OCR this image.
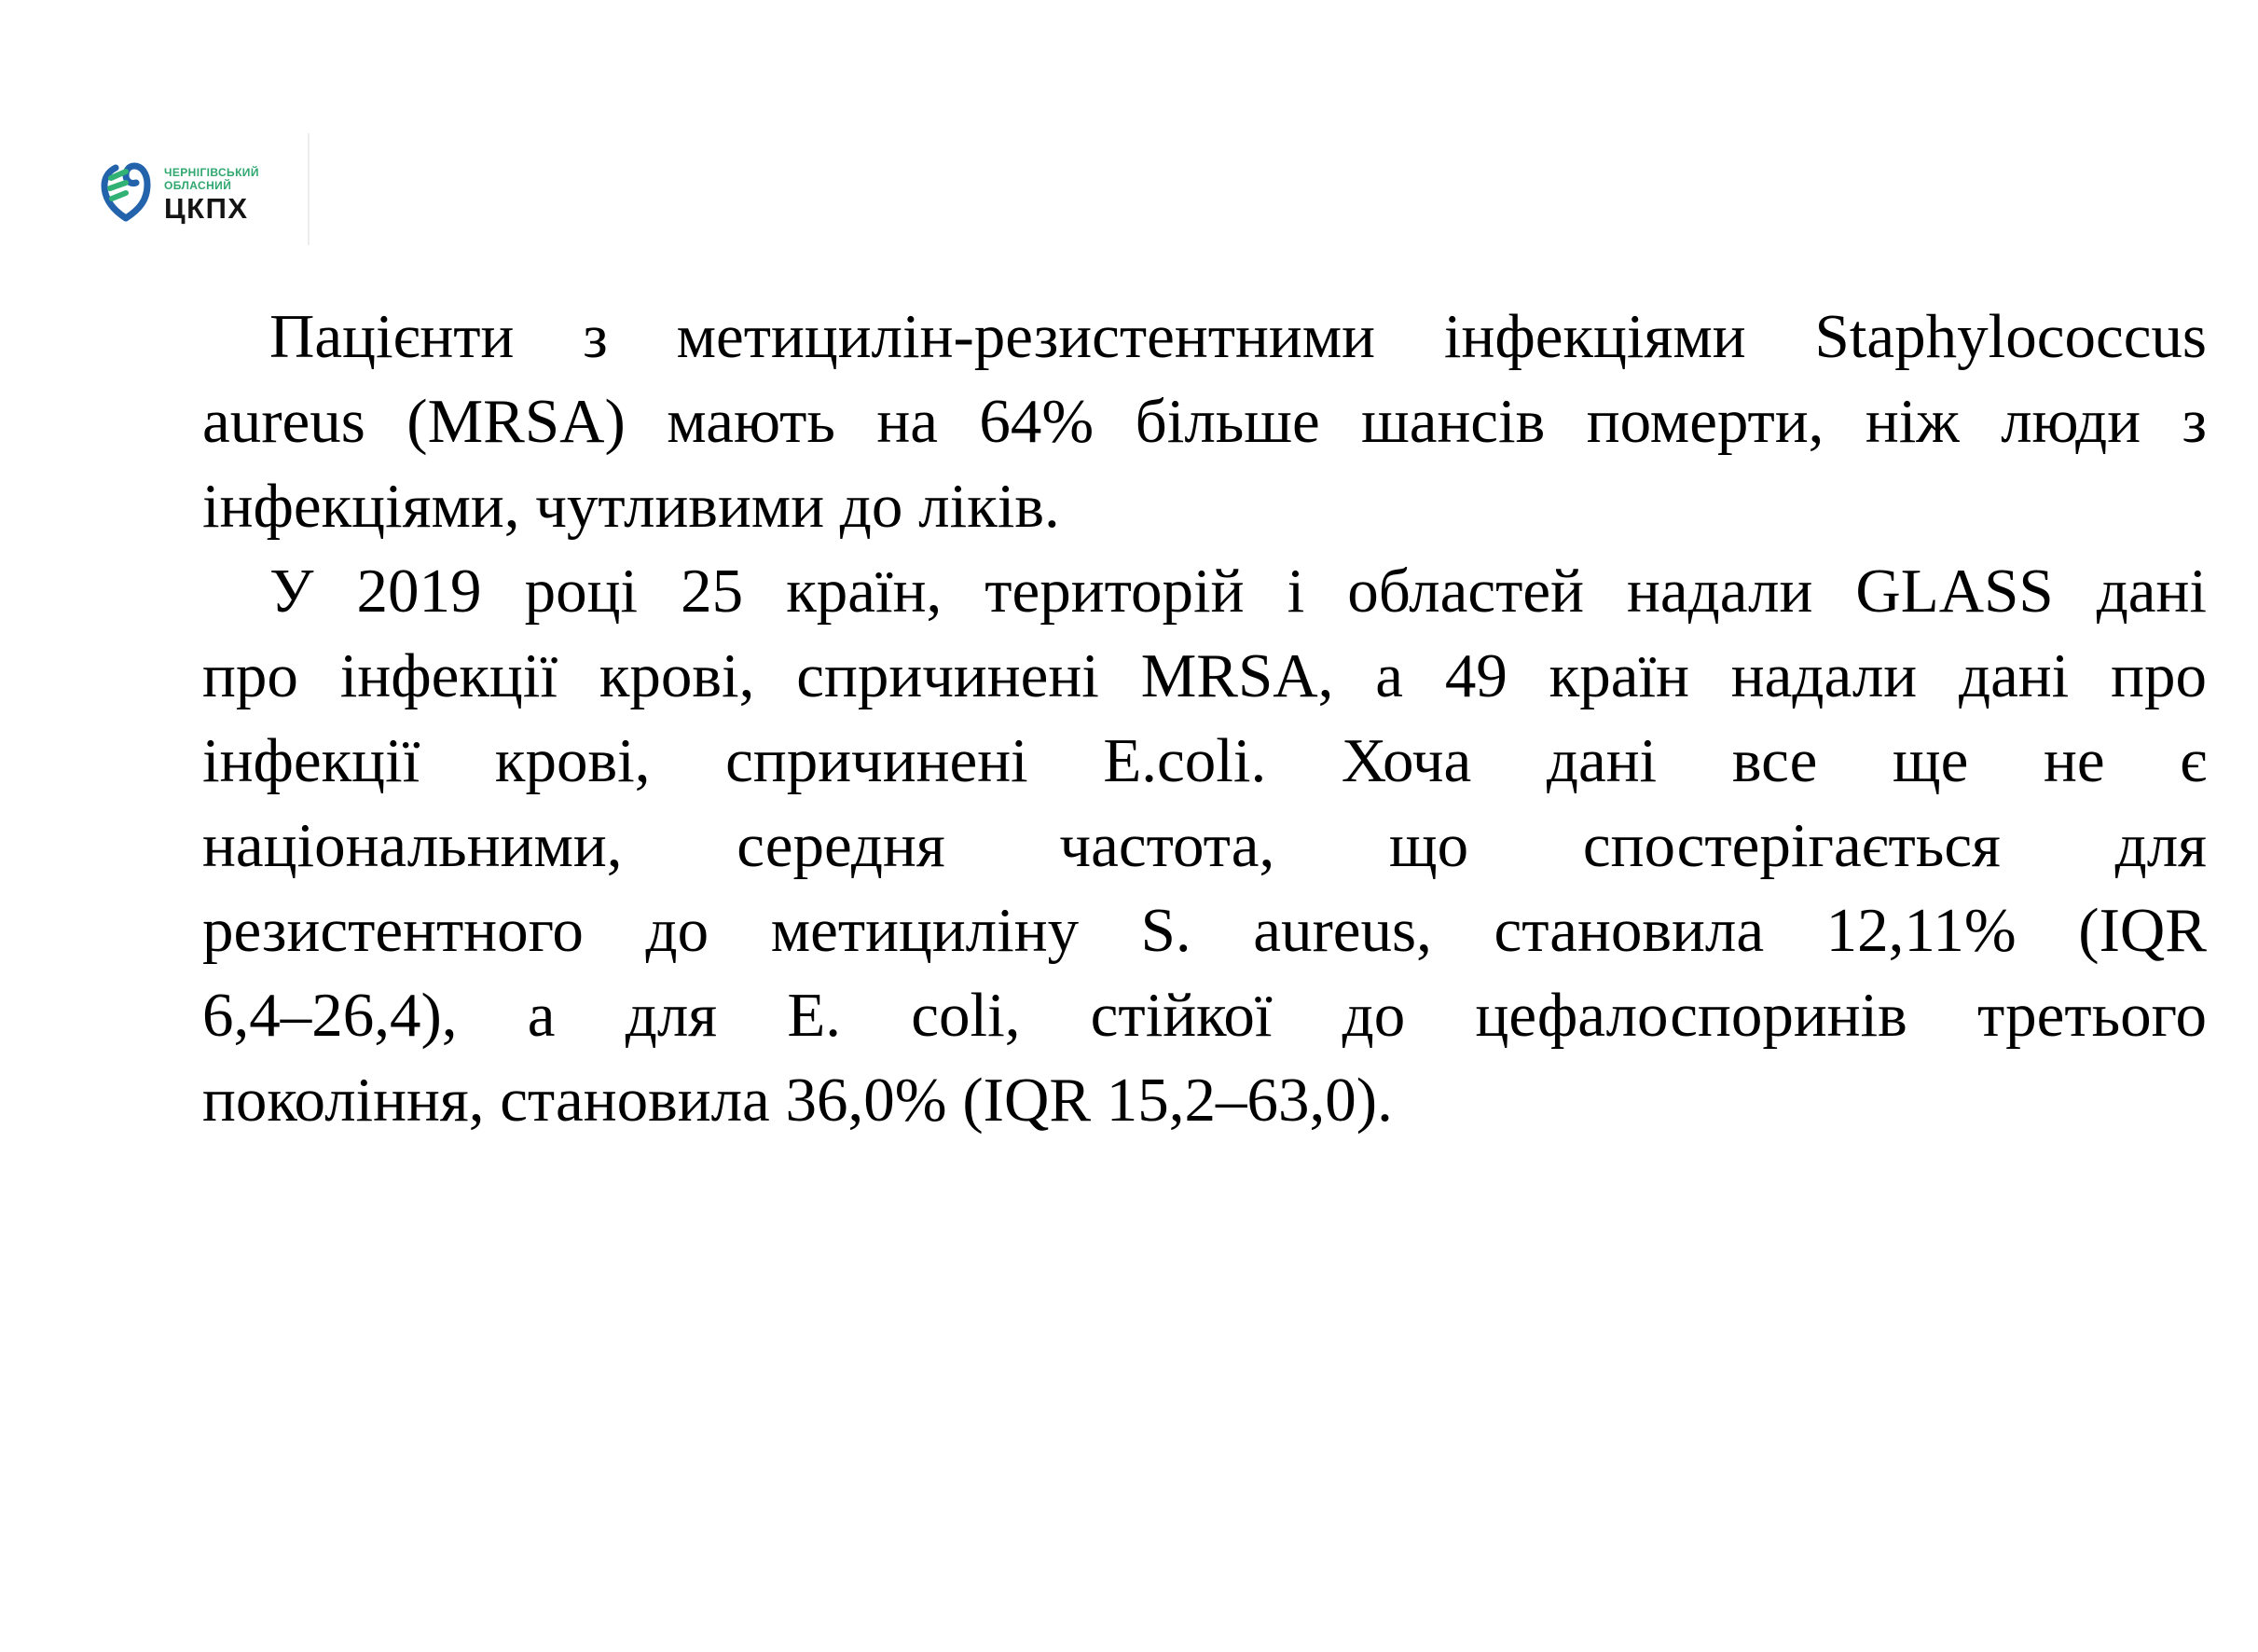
ЧЕРНІГІВСЬКИЙ
ОБЛАСНИЙ
ЦКПХ
Пацієнти з метицилін-резистентними інфекціями Staphylococcus
aureus (MRSA) мають на 64% більше шансів померти, ніж люди з
інфекціями, чутливими до ліків.
У 2019 році 25 країн, територій і областей надали GLASS дані
про інфекції крові, спричинені MRSA, а 49 країн надали дані про
інфекції крові, спричинені E.coli. Хоча дані все ще не є
національними, середня частота, що спостерігається для
резистентного до метициліну S. aureus, становила 12,11% (IQR
6,4–26,4), а для E. coli, стійкої до цефалоспоринів третього
покоління, становила 36,0% (IQR 15,2–63,0).
